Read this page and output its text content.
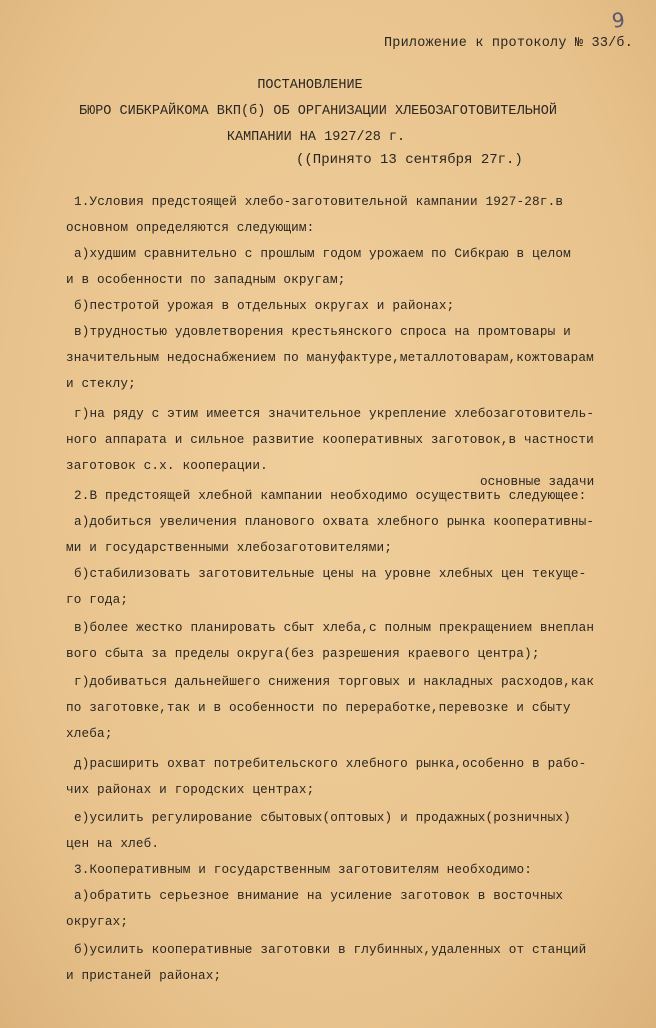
9
Приложение к протоколу № 33/б.
ПОСТАНОВЛЕНИЕ
БЮРО СИБКРАЙКОМА ВКП(б) ОБ ОРГАНИЗАЦИИ ХЛЕБОЗАГОТОВИТЕЛЬНОЙ
КАМПАНИИ НА 1927/28 г.
((Принято 13 сентября 27г.)
основные задачи
1.Условия предстоящей хлебо-заготовительной кампании 1927-28г.в
основном определяются следующим:
а)худшим сравнительно с прошлым годом урожаем по Сибкраю в целом
и в особенности по западным округам;
б)пестротой урожая в отдельных округах и районах;
в)трудностью удовлетворения крестьянского спроса на промтовары и
значительным недоснабжением по мануфактуре,металлотоварам,кожтоварам
и стеклу;
г)на ряду с этим имеется значительное укрепление хлебозаготовитель-
ного аппарата и сильное развитие кооперативных заготовок,в частности
заготовок с.х. кооперации.
2.В предстоящей хлебной кампании необходимо осуществить следующее:
а)добиться увеличения планового охвата хлебного рынка кооперативны-
ми и государственными хлебозаготовителями;
б)стабилизовать заготовительные цены на уровне хлебных цен текуще-
го года;
в)более жестко планировать сбыт хлеба,с полным прекращением внеплан
вого сбыта за пределы округа(без разрешения краевого центра);
г)добиваться дальнейшего снижения торговых и накладных расходов,как
по заготовке,так и в особенности по переработке,перевозке и сбыту
хлеба;
д)расширить охват потребительского хлебного рынка,особенно в рабо-
чих районах и городских центрах;
е)усилить регулирование сбытовых(оптовых) и продажных(розничных)
цен на хлеб.
3.Кооперативным и государственным заготовителям необходимо:
а)обратить серьезное внимание на усиление заготовок в восточных
округах;
б)усилить кооперативные заготовки в глубинных,удаленных от станций
и пристаней районах;
